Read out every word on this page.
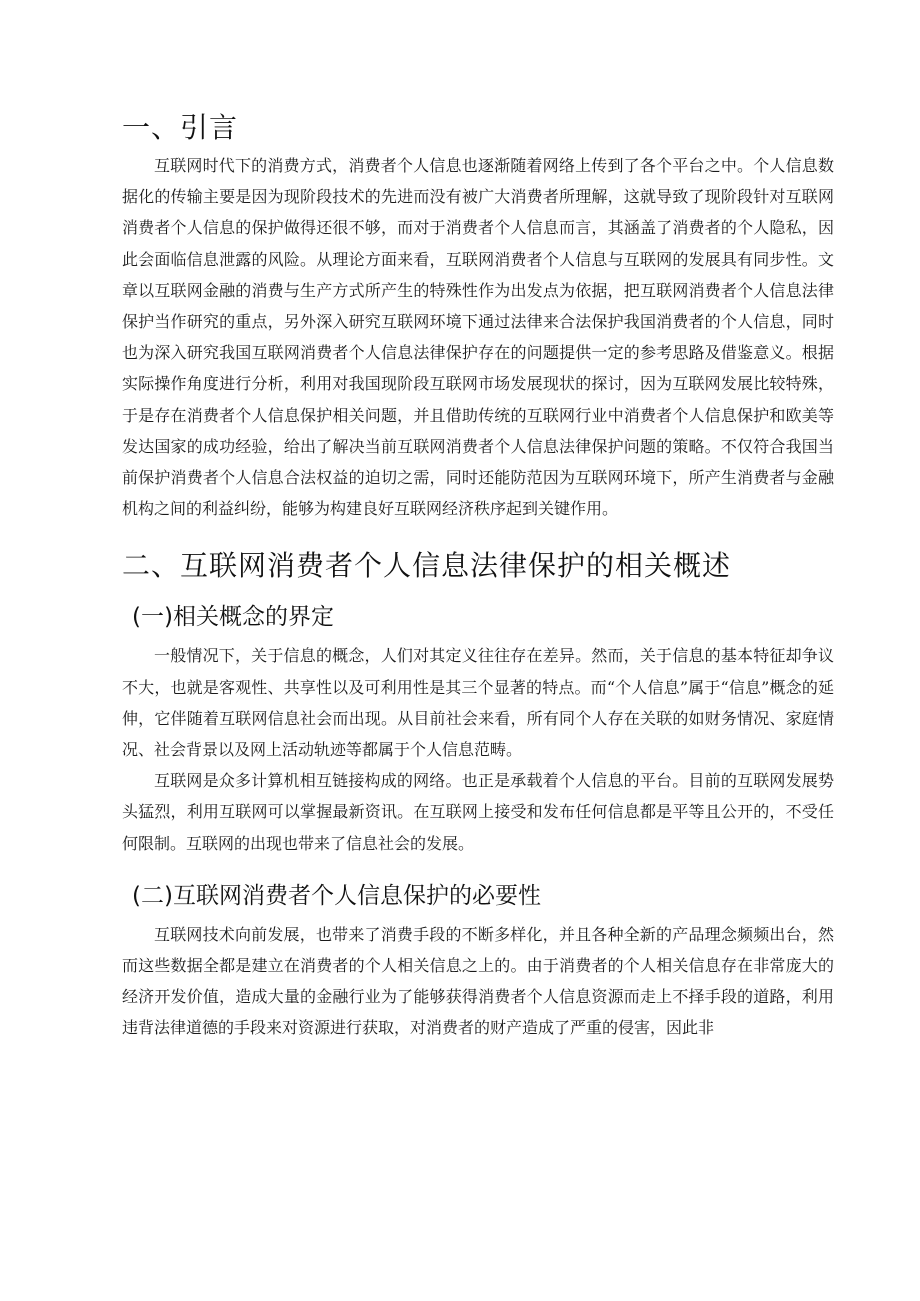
一、引言

互联网时代下的消费方式，消费者个人信息也逐渐随着网络上传到了各个平台之中。个人信息数据化的传输主要是因为现阶段技术的先进而没有被广大消费者所理解，这就导致了现阶段针对互联网消费者个人信息的保护做得还很不够，而对于消费者个人信息而言，其涵盖了消费者的个人隐私，因此会面临信息泄露的风险。从理论方面来看，互联网消费者个人信息与互联网的发展具有同步性。文章以互联网金融的消费与生产方式所产生的特殊性作为出发点为依据，把互联网消费者个人信息法律保护当作研究的重点，另外深入研究互联网环境下通过法律来合法保护我国消费者的个人信息，同时也为深入研究我国互联网消费者个人信息法律保护存在的问题提供一定的参考思路及借鉴意义。根据实际操作角度进行分析，利用对我国现阶段互联网市场发展现状的探讨，因为互联网发展比较特殊，于是存在消费者个人信息保护相关问题，并且借助传统的互联网行业中消费者个人信息保护和欧美等发达国家的成功经验，给出了解决当前互联网消费者个人信息法律保护问题的策略。不仅符合我国当前保护消费者个人信息合法权益的迫切之需，同时还能防范因为互联网环境下，所产生消费者与金融机构之间的利益纠纷，能够为构建良好互联网经济秩序起到关键作用。

二、互联网消费者个人信息法律保护的相关概述
(一)相关概念的界定

一般情况下，关于信息的概念，人们对其定义往往存在差异。然而，关于信息的基本特征却争议不大，也就是客观性、共享性以及可利用性是其三个显著的特点。而“个人信息”属于“信息”概念的延伸，它伴随着互联网信息社会而出现。从目前社会来看，所有同个人存在关联的如财务情况、家庭情况、社会背景以及网上活动轨迹等都属于个人信息范畴。

互联网是众多计算机相互链接构成的网络。也正是承载着个人信息的平台。目前的互联网发展势头猛烈，利用互联网可以掌握最新资讯。在互联网上接受和发布任何信息都是平等且公开的，不受任何限制。互联网的出现也带来了信息社会的发展。

(二)互联网消费者个人信息保护的必要性

互联网技术向前发展，也带来了消费手段的不断多样化，并且各种全新的产品理念频频出台，然而这些数据全都是建立在消费者的个人相关信息之上的。由于消费者的个人相关信息存在非常庞大的经济开发价值，造成大量的金融行业为了能够获得消费者个人信息资源而走上不择手段的道路，利用违背法律道德的手段来对资源进行获取，对消费者的财产造成了严重的侵害，因此非
